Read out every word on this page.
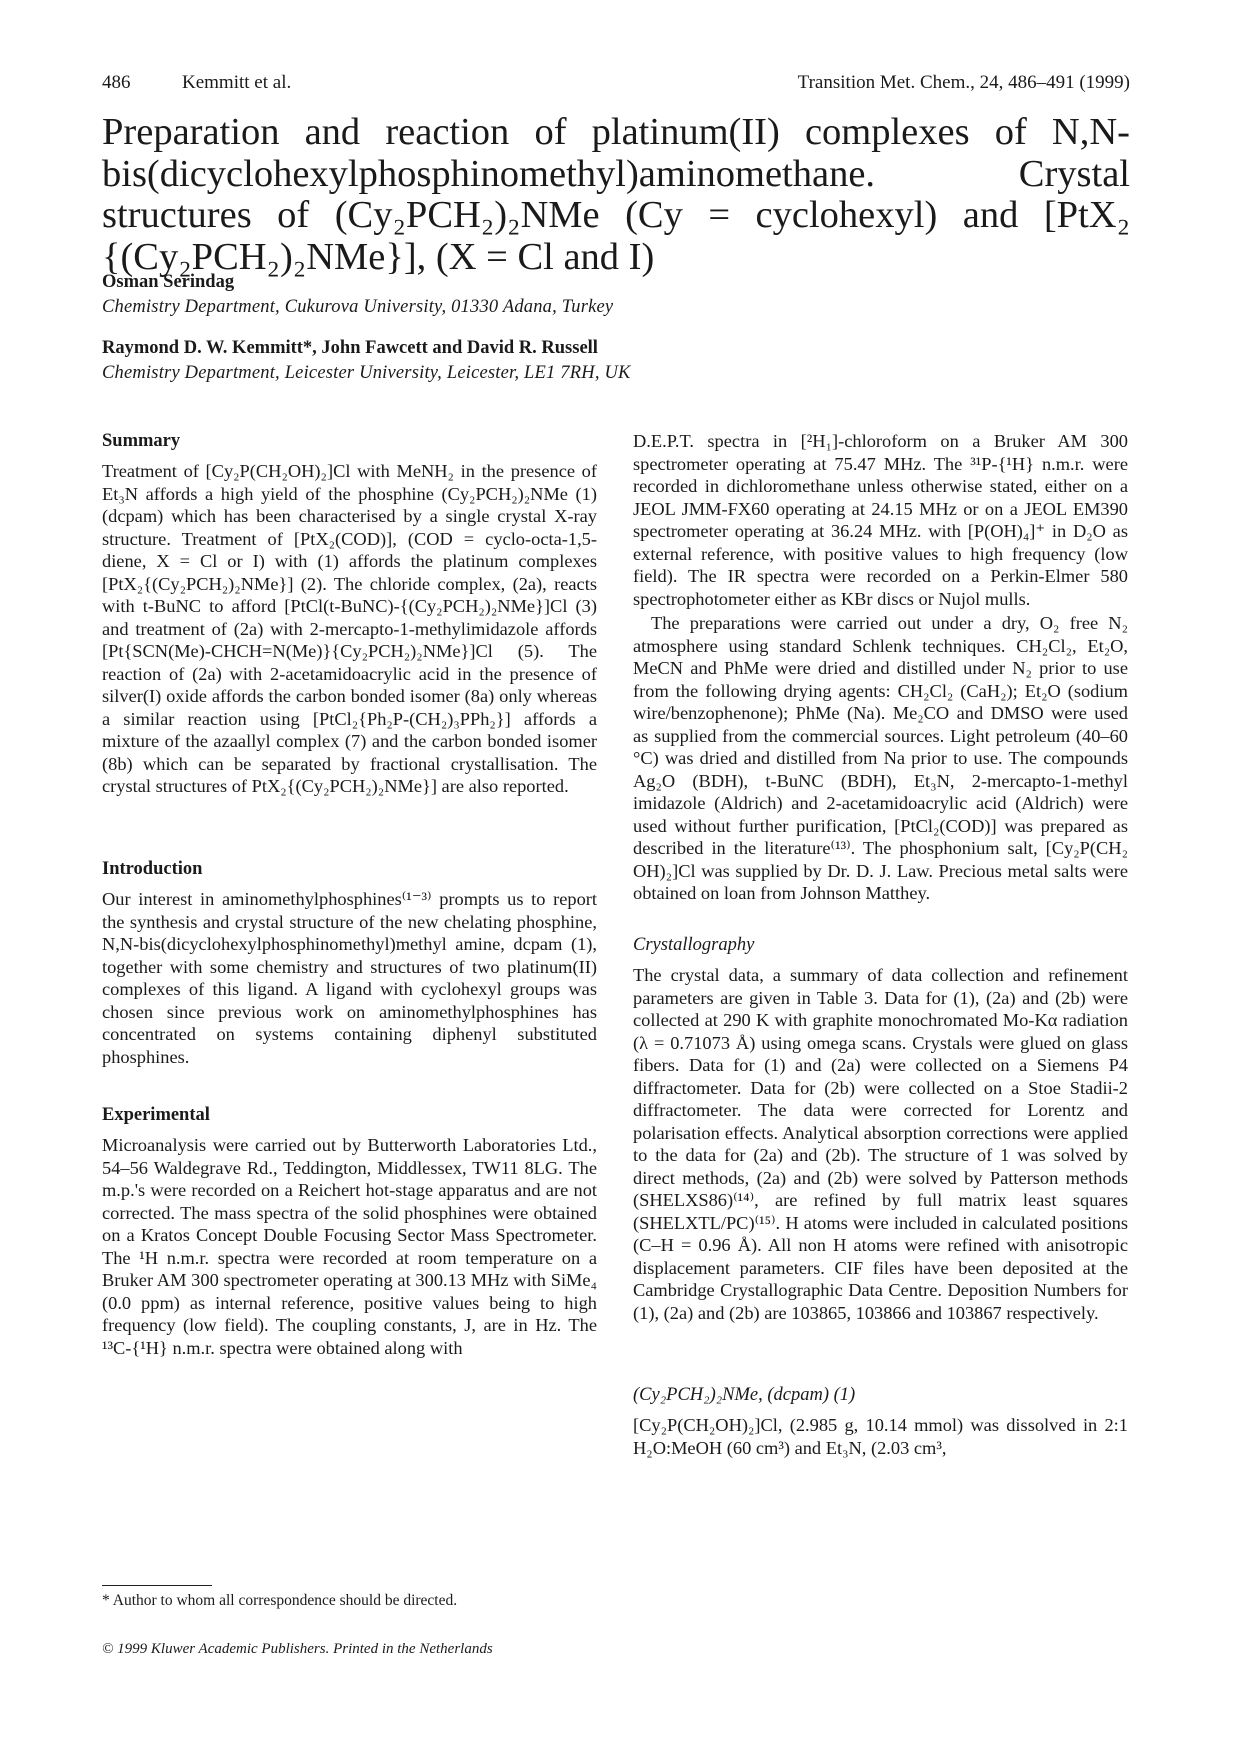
486	Kemmitt et al.	Transition Met. Chem., 24, 486–491 (1999)
Preparation and reaction of platinum(II) complexes of N,N-bis(dicyclohexylphosphinomethyl)aminomethane. Crystal structures of (Cy₂PCH₂)₂NMe (Cy = cyclohexyl) and [PtX₂ {(Cy₂PCH₂)₂NMe}], (X = Cl and I)
Osman Serindag
Chemistry Department, Cukurova University, 01330 Adana, Turkey
Raymond D. W. Kemmitt*, John Fawcett and David R. Russell
Chemistry Department, Leicester University, Leicester, LE1 7RH, UK
Summary

Treatment of [Cy₂P(CH₂OH)₂]Cl with MeNH₂ in the presence of Et₃N affords a high yield of the phosphine (Cy₂PCH₂)₂NMe (1) (dcpam) which has been characterised by a single crystal X-ray structure. Treatment of [PtX₂(COD)], (COD = cyclo-octa-1,5-diene, X = Cl or I) with (1) affords the platinum complexes [PtX₂{(Cy₂PCH₂)₂NMe}] (2). The chloride complex, (2a), reacts with t-BuNC to afford [PtCl(t-BuNC)-{(Cy₂PCH₂)₂NMe}]Cl (3) and treatment of (2a) with 2-mercapto-1-methylimidazole affords [Pt{SCN(Me)-CHCH=N(Me)}{Cy₂PCH₂)₂NMe}]Cl (5). The reaction of (2a) with 2-acetamidoacrylic acid in the presence of silver(I) oxide affords the carbon bonded isomer (8a) only whereas a similar reaction using [PtCl₂{Ph₂P-(CH₂)₃PPh₂}] affords a mixture of the azaallyl complex (7) and the carbon bonded isomer (8b) which can be separated by fractional crystallisation. The crystal structures of PtX₂{(Cy₂PCH₂)₂NMe}] are also reported.

Introduction

Our interest in aminomethylphosphines⁽¹⁻³⁾ prompts us to report the synthesis and crystal structure of the new chelating phosphine, N,N-bis(dicyclohexylphosphinomethyl)methyl amine, dcpam (1), together with some chemistry and structures of two platinum(II) complexes of this ligand. A ligand with cyclohexyl groups was chosen since previous work on aminomethylphosphines has concentrated on systems containing diphenyl substituted phosphines.

Experimental

Microanalysis were carried out by Butterworth Laboratories Ltd., 54–56 Waldegrave Rd., Teddington, Middlessex, TW11 8LG. The m.p.'s were recorded on a Reichert hot-stage apparatus and are not corrected. The mass spectra of the solid phosphines were obtained on a Kratos Concept Double Focusing Sector Mass Spectrometer. The ¹H n.m.r. spectra were recorded at room temperature on a Bruker AM 300 spectrometer operating at 300.13 MHz with SiMe₄ (0.0 ppm) as internal reference, positive values being to high frequency (low field). The coupling constants, J, are in Hz. The ¹³C-{¹H} n.m.r. spectra were obtained along with

D.E.P.T. spectra in [²H₁]-chloroform on a Bruker AM 300 spectrometer operating at 75.47 MHz. The ³¹P-{¹H} n.m.r. were recorded in dichloromethane unless otherwise stated, either on a JEOL JMM-FX60 operating at 24.15 MHz or on a JEOL EM390 spectrometer operating at 36.24 MHz. with [P(OH)₄]⁺ in D₂O as external reference, with positive values to high frequency (low field). The IR spectra were recorded on a Perkin-Elmer 580 spectrophotometer either as KBr discs or Nujol mulls.

The preparations were carried out under a dry, O₂ free N₂ atmosphere using standard Schlenk techniques. CH₂Cl₂, Et₂O, MeCN and PhMe were dried and distilled under N₂ prior to use from the following drying agents: CH₂Cl₂ (CaH₂); Et₂O (sodium wire/benzophenone); PhMe (Na). Me₂CO and DMSO were used as supplied from the commercial sources. Light petroleum (40–60 °C) was dried and distilled from Na prior to use. The compounds Ag₂O (BDH), t-BuNC (BDH), Et₃N, 2-mercapto-1-methyl imidazole (Aldrich) and 2-acetamidoacrylic acid (Aldrich) were used without further purification, [PtCl₂(COD)] was prepared as described in the literature⁽¹³⁾. The phosphonium salt, [Cy₂P(CH₂ OH)₂]Cl was supplied by Dr. D. J. Law. Precious metal salts were obtained on loan from Johnson Matthey.

Crystallography

The crystal data, a summary of data collection and refinement parameters are given in Table 3. Data for (1), (2a) and (2b) were collected at 290 K with graphite monochromated Mo-Kα radiation (λ = 0.71073 Å) using omega scans. Crystals were glued on glass fibers. Data for (1) and (2a) were collected on a Siemens P4 diffractometer. Data for (2b) were collected on a Stoe Stadii-2 diffractometer. The data were corrected for Lorentz and polarisation effects. Analytical absorption corrections were applied to the data for (2a) and (2b). The structure of 1 was solved by direct methods, (2a) and (2b) were solved by Patterson methods (SHELXS86)⁽¹⁴⁾, are refined by full matrix least squares (SHELXTL/PC)⁽¹⁵⁾. H atoms were included in calculated positions (C–H = 0.96 Å). All non H atoms were refined with anisotropic displacement parameters. CIF files have been deposited at the Cambridge Crystallographic Data Centre. Deposition Numbers for (1), (2a) and (2b) are 103865, 103866 and 103867 respectively.

(Cy₂PCH₂)₂NMe, (dcpam) (1)

[Cy₂P(CH₂OH)₂]Cl, (2.985 g, 10.14 mmol) was dissolved in 2:1 H₂O:MeOH (60 cm³) and Et₃N, (2.03 cm³,

* Author to whom all correspondence should be directed.
© 1999 Kluwer Academic Publishers. Printed in the Netherlands
